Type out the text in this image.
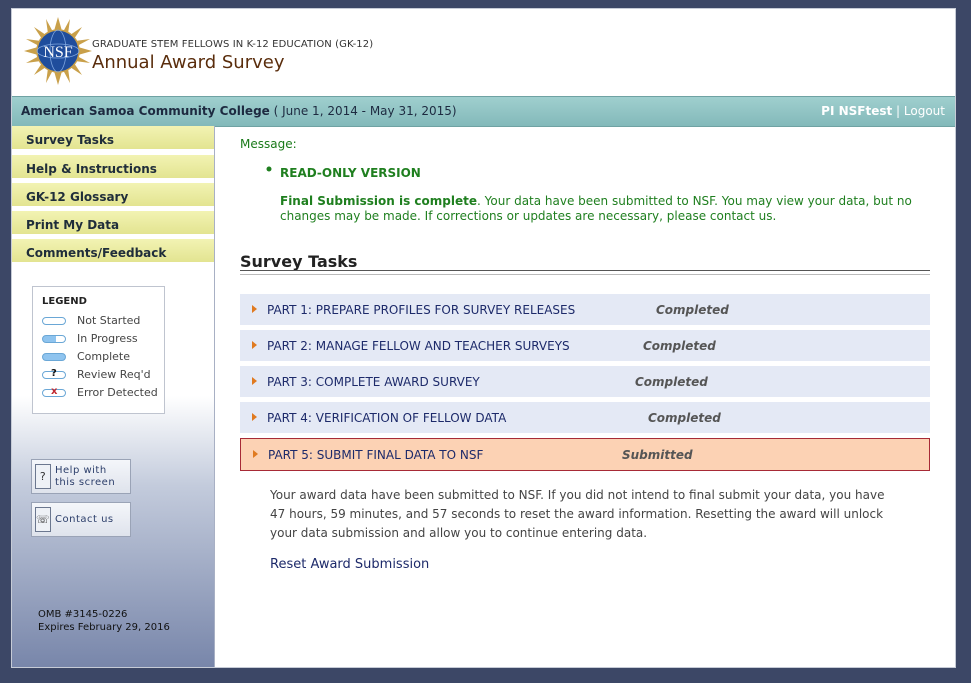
NSF GRADUATE STEM FELLOWS IN K-12 EDUCATION (GK-12)
Annual Award Survey
American Samoa Community College ( June 1, 2014 - May 31, 2015)	PI NSFtest | Logout
Survey Tasks
Help & Instructions
GK-12 Glossary
Print My Data
Comments/Feedback
LEGEND
Not Started
In Progress
Complete
? Review Req'd
x Error Detected
? Help with
this screen
☏ Contact us
OMB #3145-0226
Expires February 29, 2016
Message:
READ-ONLY VERSION
Final Submission is complete. Your data have been submitted to NSF. You may view your data, but no changes may be made. If corrections or updates are necessary, please contact us.
Survey Tasks
PART 1: PREPARE PROFILES FOR SURVEY RELEASES	Completed
PART 2: MANAGE FELLOW AND TEACHER SURVEYS	Completed
PART 3: COMPLETE AWARD SURVEY	Completed
PART 4: VERIFICATION OF FELLOW DATA	Completed
PART 5: SUBMIT FINAL DATA TO NSF	Submitted
Your award data have been submitted to NSF. If you did not intend to final submit your data, you have 47 hours, 59 minutes, and 57 seconds to reset the award information. Resetting the award will unlock your data submission and allow you to continue entering data.
Reset Award Submission
